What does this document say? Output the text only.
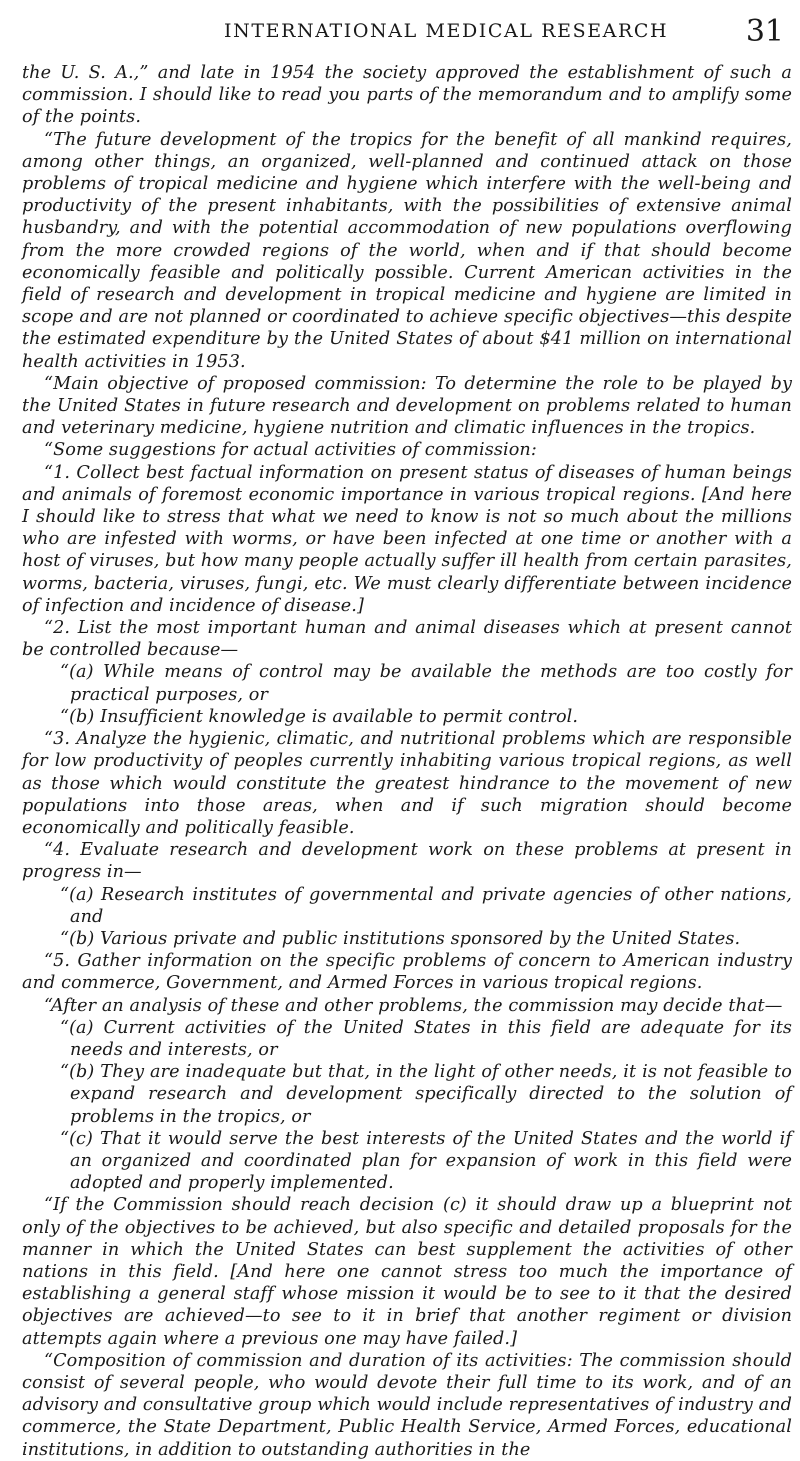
INTERNATIONAL MEDICAL RESEARCH	31

the U. S. A.,” and late in 1954 the society approved the establishment of such a commission. I should like to read you parts of the memorandum and to amplify some of the points.

“The future development of the tropics for the benefit of all mankind requires, among other things, an organized, well-planned and continued attack on those problems of tropical medicine and hygiene which interfere with the well-being and productivity of the present inhabitants, with the possibilities of extensive animal husbandry, and with the potential accommodation of new populations overflowing from the more crowded regions of the world, when and if that should become economically feasible and politically possible. Current American activities in the field of research and development in tropical medicine and hygiene are limited in scope and are not planned or coordinated to achieve specific objectives—this despite the estimated expenditure by the United States of about $41 million on international health activities in 1953.

“Main objective of proposed commission: To determine the role to be played by the United States in future research and development on problems related to human and veterinary medicine, hygiene nutrition and climatic influences in the tropics.

“Some suggestions for actual activities of commission:

“1. Collect best factual information on present status of diseases of human beings and animals of foremost economic importance in various tropical regions. [And here I should like to stress that what we need to know is not so much about the millions who are infested with worms, or have been infected at one time or another with a host of viruses, but how many people actually suffer ill health from certain parasites, worms, bacteria, viruses, fungi, etc. We must clearly differentiate between incidence of infection and incidence of disease.]

“2. List the most important human and animal diseases which at present cannot be controlled because—

“(a) While means of control may be available the methods are too costly for practical purposes, or

“(b) Insufficient knowledge is available to permit control.

“3. Analyze the hygienic, climatic, and nutritional problems which are responsible for low productivity of peoples currently inhabiting various tropical regions, as well as those which would constitute the greatest hindrance to the movement of new populations into those areas, when and if such migration should become economically and politically feasible.

“4. Evaluate research and development work on these problems at present in progress in—

“(a) Research institutes of governmental and private agencies of other nations, and

“(b) Various private and public institutions sponsored by the United States.

“5. Gather information on the specific problems of concern to American industry and commerce, Government, and Armed Forces in various tropical regions.

“After an analysis of these and other problems, the commission may decide that—

“(a) Current activities of the United States in this field are adequate for its needs and interests, or

“(b) They are inadequate but that, in the light of other needs, it is not feasible to expand research and development specifically directed to the solution of problems in the tropics, or

“(c) That it would serve the best interests of the United States and the world if an organized and coordinated plan for expansion of work in this field were adopted and properly implemented.

“If the Commission should reach decision (c) it should draw up a blueprint not only of the objectives to be achieved, but also specific and detailed proposals for the manner in which the United States can best supplement the activities of other nations in this field. [And here one cannot stress too much the importance of establishing a general staff whose mission it would be to see to it that the desired objectives are achieved—to see to it in brief that another regiment or division attempts again where a previous one may have failed.]

“Composition of commission and duration of its activities: The commission should consist of several people, who would devote their full time to its work, and of an advisory and consultative group which would include representatives of industry and commerce, the State Department, Public Health Service, Armed Forces, educational institutions, in addition to outstanding authorities in the
